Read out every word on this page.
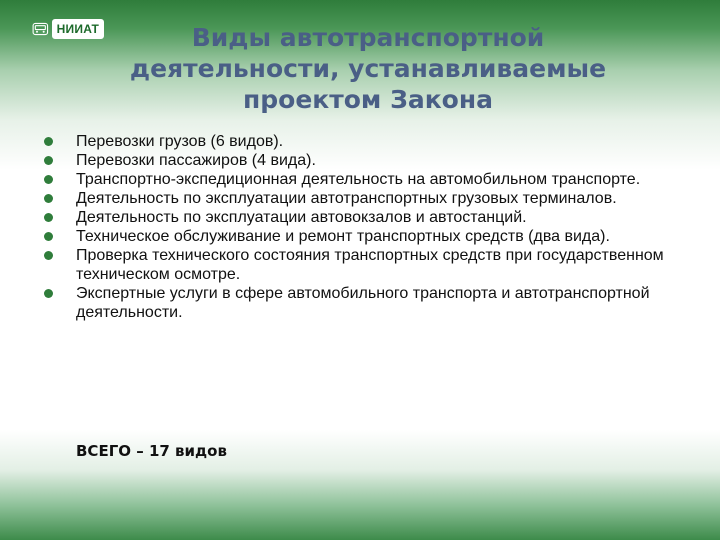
НИИАТ	Виды автотранспортной деятельности, устанавливаемые проектом Закона
Перевозки грузов (6 видов).
Перевозки пассажиров (4 вида).
Транспортно-экспедиционная деятельность на автомобильном транспорте.
Деятельность по эксплуатации автотранспортных грузовых терминалов.
Деятельность по эксплуатации автовокзалов и автостанций.
Техническое обслуживание и ремонт транспортных средств (два вида).
Проверка технического состояния транспортных средств при государственном техническом осмотре.
Экспертные услуги в сфере автомобильного транспорта и автотранспортной деятельности.

ВСЕГО – 17 видов
